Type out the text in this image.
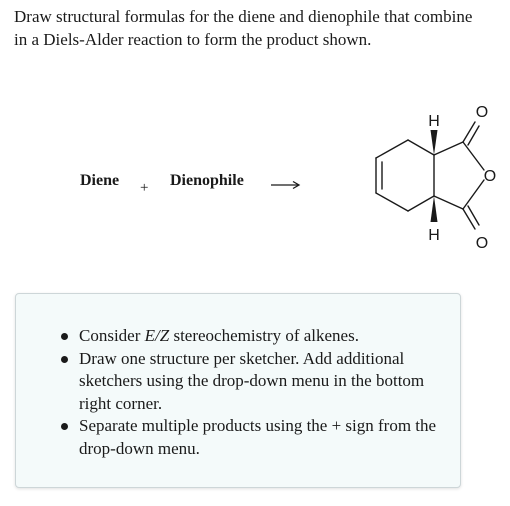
Draw structural formulas for the diene and dienophile that combine in a Diels-Alder reaction to form the product shown.

Diene + Dienophile
H
H
O
O
O
Consider E/Z stereochemistry of alkenes.
Draw one structure per sketcher. Add additional sketchers using the drop-down menu in the bottom right corner.
Separate multiple products using the + sign from the drop-down menu.
